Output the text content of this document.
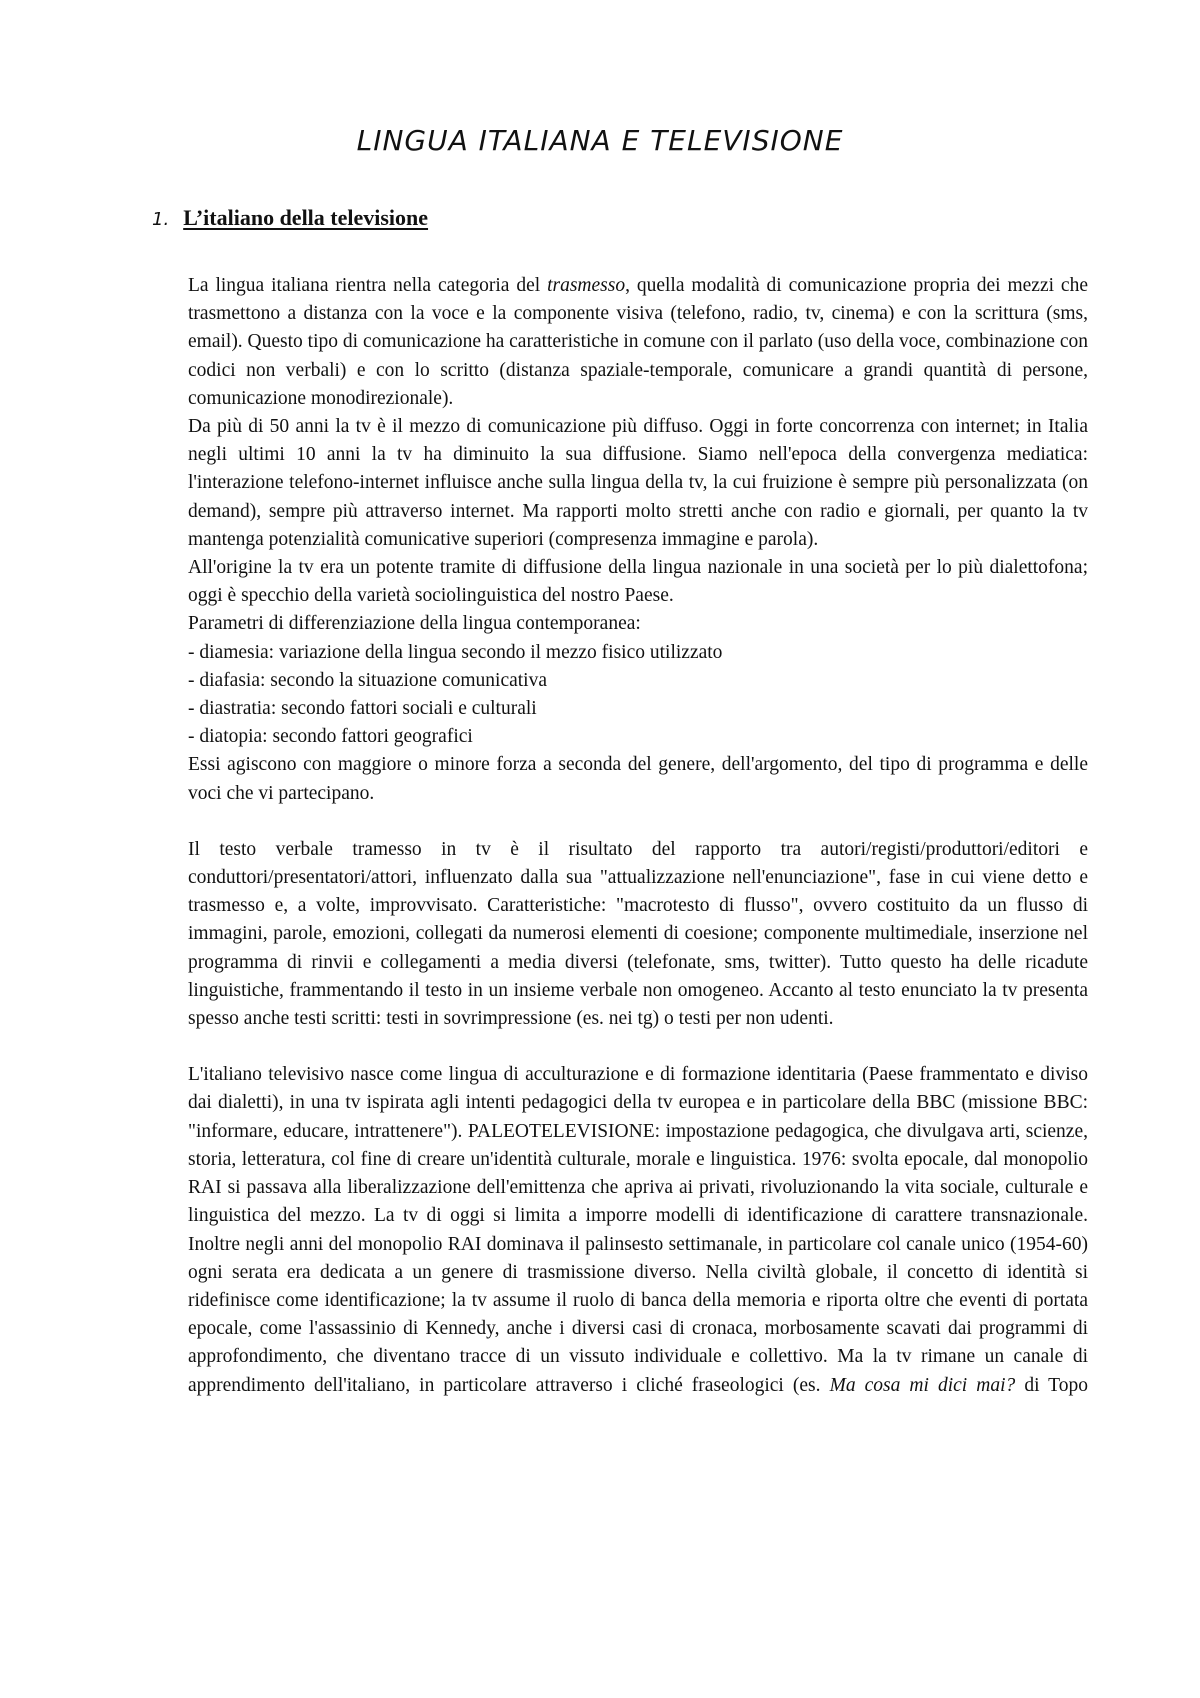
LINGUA ITALIANA E TELEVISIONE
1. L’italiano della televisione

La lingua italiana rientra nella categoria del trasmesso, quella modalità di comunicazione propria dei mezzi che trasmettono a distanza con la voce e la componente visiva (telefono, radio, tv, cinema) e con la scrittura (sms, email). Questo tipo di comunicazione ha caratteristiche in comune con il parlato (uso della voce, combinazione con codici non verbali) e con lo scritto (distanza spaziale-temporale, comunicare a grandi quantità di persone, comunicazione monodirezionale).

Da più di 50 anni la tv è il mezzo di comunicazione più diffuso. Oggi in forte concorrenza con internet; in Italia negli ultimi 10 anni la tv ha diminuito la sua diffusione. Siamo nell'epoca della convergenza mediatica: l'interazione telefono-internet influisce anche sulla lingua della tv, la cui fruizione è sempre più personalizzata (on demand), sempre più attraverso internet. Ma rapporti molto stretti anche con radio e giornali, per quanto la tv mantenga potenzialità comunicative superiori (compresenza immagine e parola).

All'origine la tv era un potente tramite di diffusione della lingua nazionale in una società per lo più dialettofona; oggi è specchio della varietà sociolinguistica del nostro Paese.

Parametri di differenziazione della lingua contemporanea:

- diamesia: variazione della lingua secondo il mezzo fisico utilizzato

- diafasia: secondo la situazione comunicativa

- diastratia: secondo fattori sociali e culturali

- diatopia: secondo fattori geografici

Essi agiscono con maggiore o minore forza a seconda del genere, dell'argomento, del tipo di programma e delle voci che vi partecipano.

Il testo verbale tramesso in tv è il risultato del rapporto tra autori/registi/produttori/editori e conduttori/presentatori/attori, influenzato dalla sua "attualizzazione nell'enunciazione", fase in cui viene detto e trasmesso e, a volte, improvvisato. Caratteristiche: "macrotesto di flusso", ovvero costituito da un flusso di immagini, parole, emozioni, collegati da numerosi elementi di coesione; componente multimediale, inserzione nel programma di rinvii e collegamenti a media diversi (telefonate, sms, twitter). Tutto questo ha delle ricadute linguistiche, frammentando il testo in un insieme verbale non omogeneo. Accanto al testo enunciato la tv presenta spesso anche testi scritti: testi in sovrimpressione (es. nei tg) o testi per non udenti.

L'italiano televisivo nasce come lingua di acculturazione e di formazione identitaria (Paese frammentato e diviso dai dialetti), in una tv ispirata agli intenti pedagogici della tv europea e in particolare della BBC (missione BBC: "informare, educare, intrattenere"). PALEOTELEVISIONE: impostazione pedagogica, che divulgava arti, scienze, storia, letteratura, col fine di creare un'identità culturale, morale e linguistica. 1976: svolta epocale, dal monopolio RAI si passava alla liberalizzazione dell'emittenza che apriva ai privati, rivoluzionando la vita sociale, culturale e linguistica del mezzo. La tv di oggi si limita a imporre modelli di identificazione di carattere transnazionale. Inoltre negli anni del monopolio RAI dominava il palinsesto settimanale, in particolare col canale unico (1954-60) ogni serata era dedicata a un genere di trasmissione diverso. Nella civiltà globale, il concetto di identità si ridefinisce come identificazione; la tv assume il ruolo di banca della memoria e riporta oltre che eventi di portata epocale, come l'assassinio di Kennedy, anche i diversi casi di cronaca, morbosamente scavati dai programmi di approfondimento, che diventano tracce di un vissuto individuale e collettivo. Ma la tv rimane un canale di apprendimento dell'italiano, in particolare attraverso i cliché fraseologici (es. Ma cosa mi dici mai? di Topo
